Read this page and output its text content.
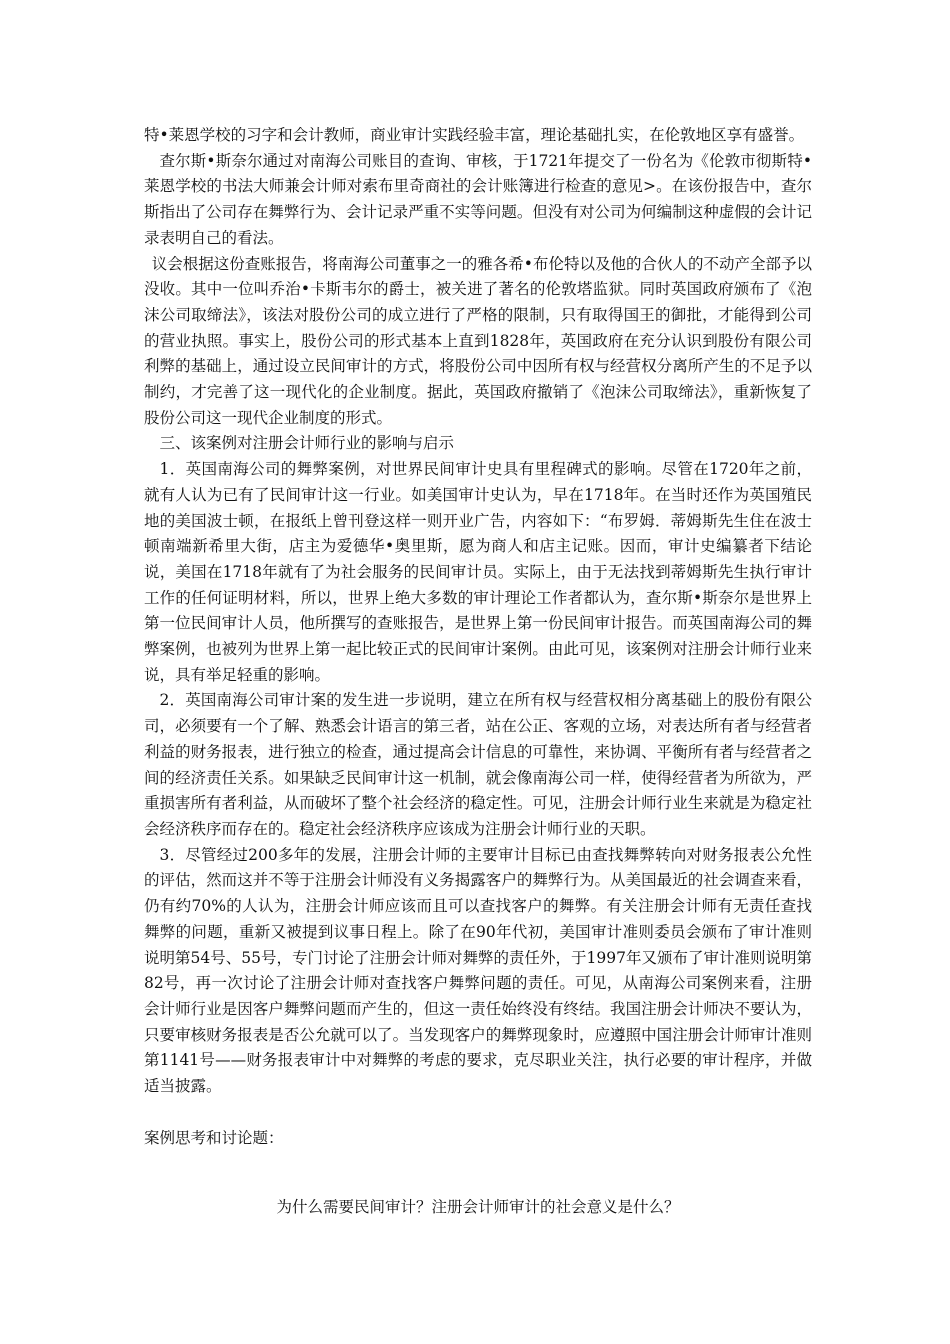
特•莱恩学校的习字和会计教师，商业审计实践经验丰富，理论基础扎实，在伦敦地区享有盛誉。

查尔斯•斯奈尔通过对南海公司账目的查询、审核，于1721年提交了一份名为《伦敦市彻斯特•莱恩学校的书法大师兼会计师对索布里奇商社的会计账簿进行检查的意见>。在该份报告中，查尔斯指出了公司存在舞弊行为、会计记录严重不实等问题。但没有对公司为何编制这种虚假的会计记录表明自己的看法。

议会根据这份查账报告，将南海公司董事之一的雅各希•布伦特以及他的合伙人的不动产全部予以没收。其中一位叫乔治•卡斯韦尔的爵士，被关进了著名的伦敦塔监狱。同时英国政府颁布了《泡沫公司取缔法》，该法对股份公司的成立进行了严格的限制，只有取得国王的御批，才能得到公司的营业执照。事实上，股份公司的形式基本上直到1828年，英国政府在充分认识到股份有限公司利弊的基础上，通过设立民间审计的方式，将股份公司中因所有权与经营权分离所产生的不足予以制约，才完善了这一现代化的企业制度。据此，英国政府撤销了《泡沫公司取缔法》，重新恢复了股份公司这一现代企业制度的形式。

三、该案例对注册会计师行业的影响与启示

1．英国南海公司的舞弊案例，对世界民间审计史具有里程碑式的影响。尽管在1720年之前，就有人认为已有了民间审计这一行业。如美国审计史认为，早在1718年。在当时还作为英国殖民地的美国波士顿，在报纸上曾刊登这样一则开业广告，内容如下：“布罗姆．蒂姆斯先生住在波士顿南端新希里大街，店主为爱德华•奥里斯，愿为商人和店主记账。因而，审计史编纂者下结论说，美国在1718年就有了为社会服务的民间审计员。实际上，由于无法找到蒂姆斯先生执行审计工作的任何证明材料，所以，世界上绝大多数的审计理论工作者都认为，查尔斯•斯奈尔是世界上第一位民间审计人员，他所撰写的查账报告，是世界上第一份民间审计报告。而英国南海公司的舞弊案例，也被列为世界上第一起比较正式的民间审计案例。由此可见，该案例对注册会计师行业来说，具有举足轻重的影响。

2．英国南海公司审计案的发生进一步说明，建立在所有权与经营权相分离基础上的股份有限公司，必须要有一个了解、熟悉会计语言的第三者，站在公正、客观的立场，对表达所有者与经营者利益的财务报表，进行独立的检查，通过提高会计信息的可靠性，来协调、平衡所有者与经营者之间的经济责任关系。如果缺乏民间审计这一机制，就会像南海公司一样，使得经营者为所欲为，严重损害所有者利益，从而破坏了整个社会经济的稳定性。可见，注册会计师行业生来就是为稳定社会经济秩序而存在的。稳定社会经济秩序应该成为注册会计师行业的天职。

3．尽管经过200多年的发展，注册会计师的主要审计目标已由查找舞弊转向对财务报表公允性的评估，然而这并不等于注册会计师没有义务揭露客户的舞弊行为。从美国最近的社会调查来看，仍有约70%的人认为，注册会计师应该而且可以查找客户的舞弊。有关注册会计师有无责任查找舞弊的问题，重新又被提到议事日程上。除了在90年代初，美国审计准则委员会颁布了审计准则说明第54号、55号，专门讨论了注册会计师对舞弊的责任外，于1997年又颁布了审计准则说明第82号，再一次讨论了注册会计师对查找客户舞弊问题的责任。可见，从南海公司案例来看，注册会计师行业是因客户舞弊问题而产生的，但这一责任始终没有终结。我国注册会计师决不要认为，只要审核财务报表是否公允就可以了。当发现客户的舞弊现象时，应遵照中国注册会计师审计准则第1141号——财务报表审计中对舞弊的考虑的要求，克尽职业关注，执行必要的审计程序，并做适当披露。

案例思考和讨论题：

为什么需要民间审计？注册会计师审计的社会意义是什么？
